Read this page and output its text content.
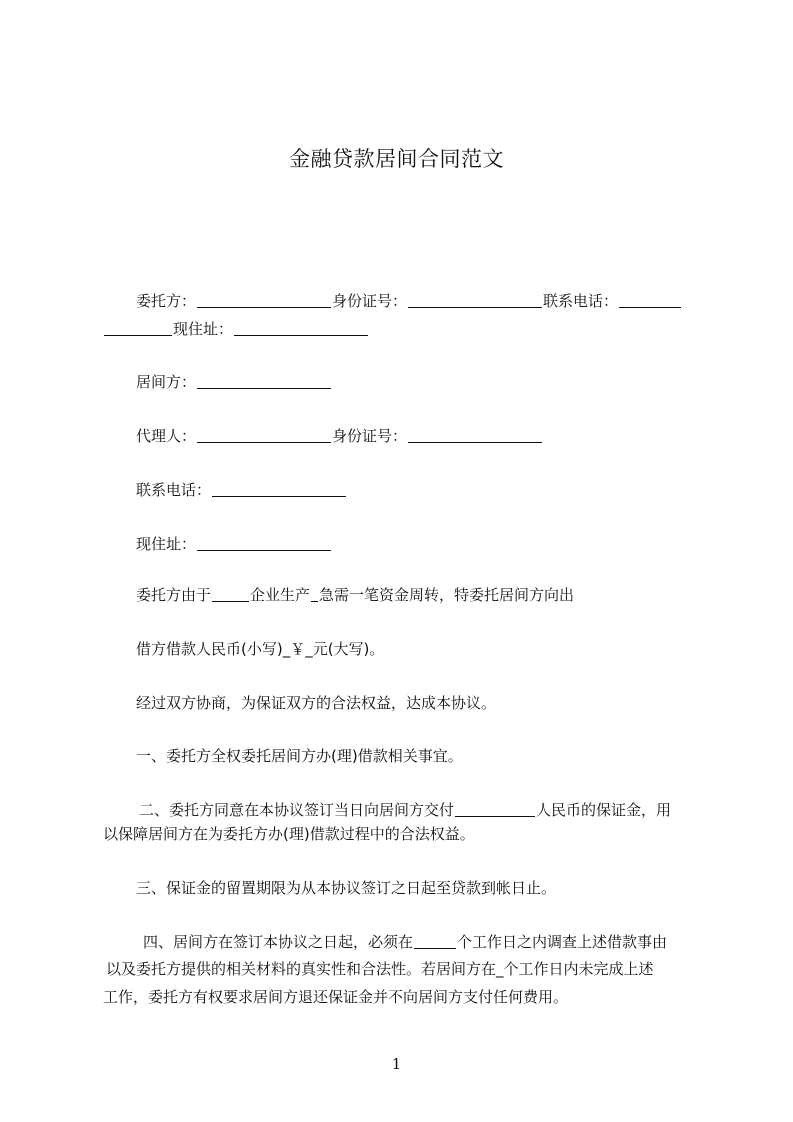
金融贷款居间合同范文
委托方：	身份证号：	联系电话：
现住址：
居间方：
代理人：	身份证号：
联系电话：
现住址：
委托方由于	企业生产 急需一笔资金周转，特委托居间方向出
借方借款人民币(小写)_￥_元(大写)。
经过双方协商，为保证双方的合法权益，达成本协议。
一、委托方全权委托居间方办(理)借款相关事宜。
二、委托方同意在本协议签订当日向居间方交付	人民币的保证金，用
以保障居间方在为委托方办(理)借款过程中的合法权益。
三、保证金的留置期限为从本协议签订之日起至贷款到帐日止。
四、居间方在签订本协议之日起，必须在	个工作日之内调查上述借款事由
以及委托方提供的相关材料的真实性和合法性。若居间方在_个工作日内未完成上述
工作，委托方有权要求居间方退还保证金并不向居间方支付任何费用。
1
